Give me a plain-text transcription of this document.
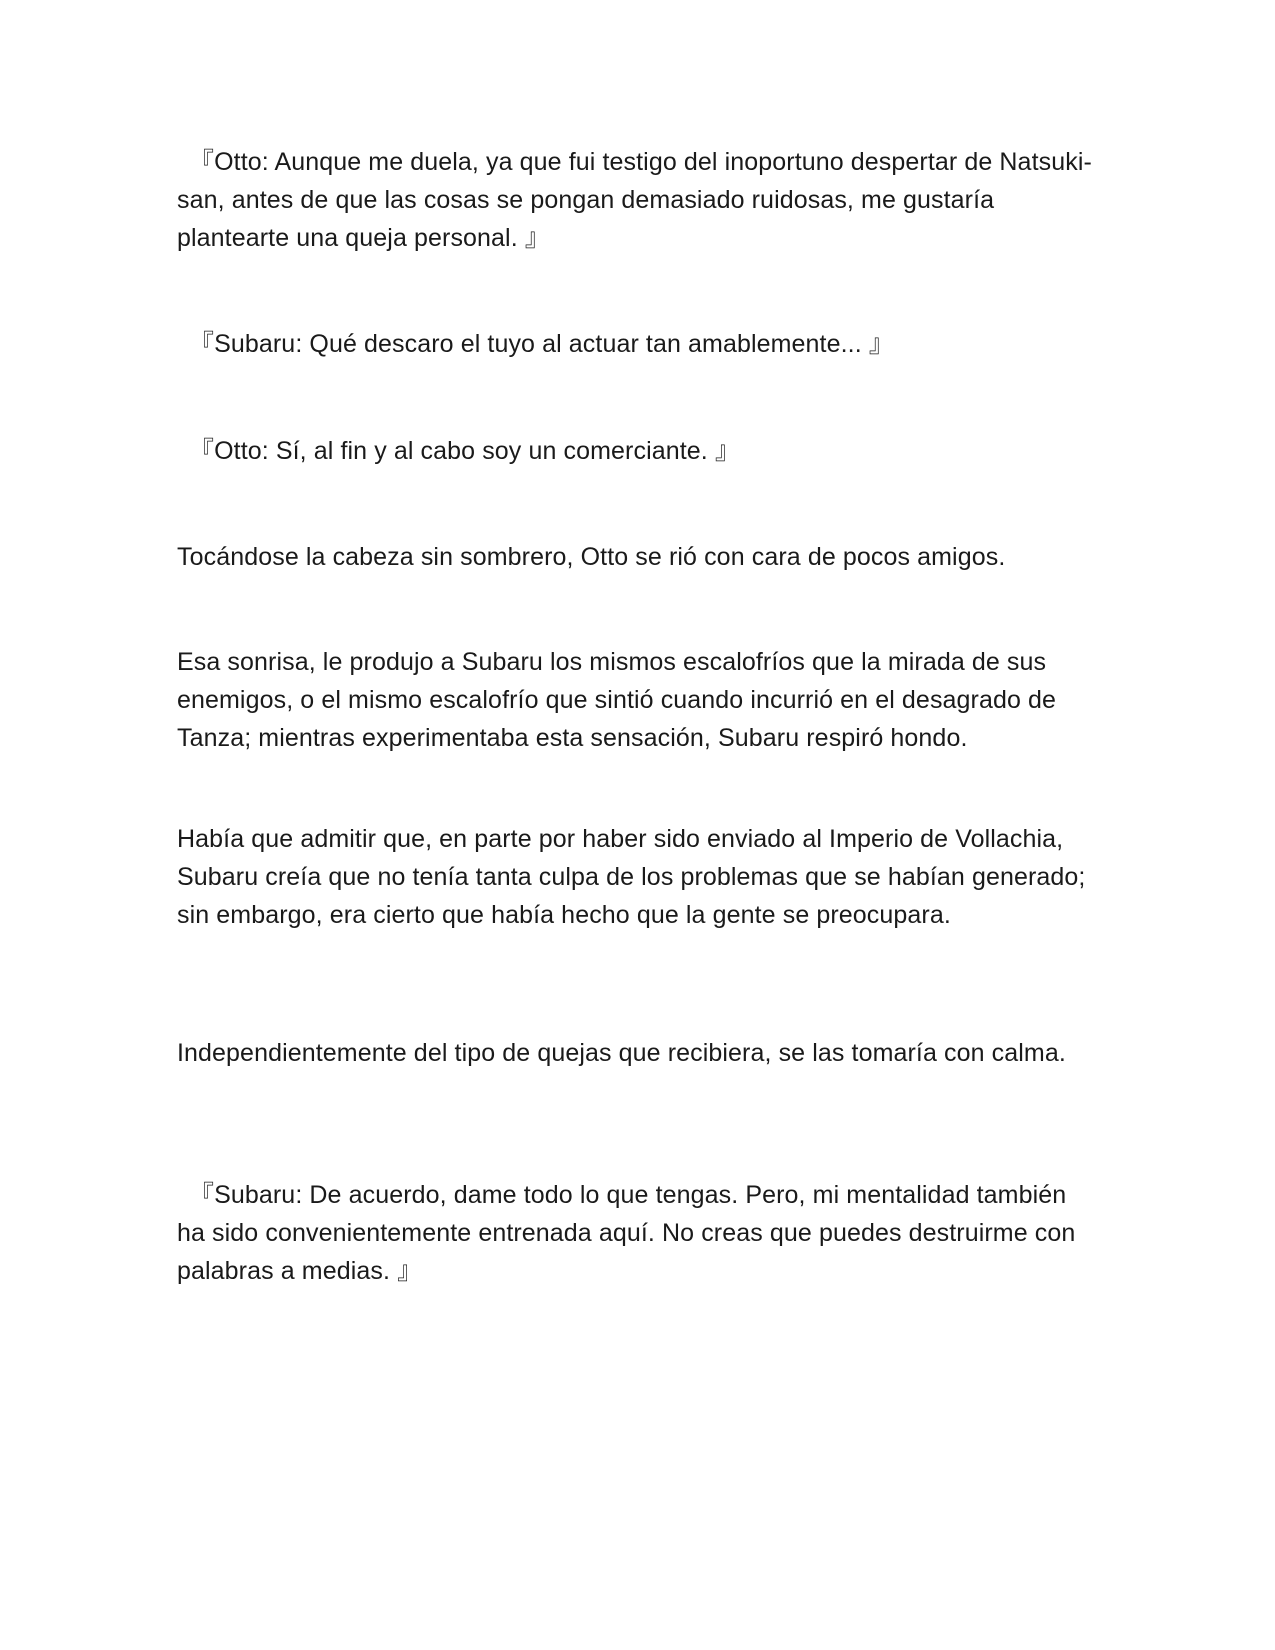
『Otto: Aunque me duela, ya que fui testigo del inoportuno despertar de Natsuki-san, antes de que las cosas se pongan demasiado ruidosas, me gustaría plantearte una queja personal. 』

『Subaru: Qué descaro el tuyo al actuar tan amablemente... 』

『Otto: Sí, al fin y al cabo soy un comerciante. 』

Tocándose la cabeza sin sombrero, Otto se rió con cara de pocos amigos.

Esa sonrisa, le produjo a Subaru los mismos escalofríos que la mirada de sus enemigos, o el mismo escalofrío que sintió cuando incurrió en el desagrado de Tanza; mientras experimentaba esta sensación, Subaru respiró hondo.

Había que admitir que, en parte por haber sido enviado al Imperio de Vollachia, Subaru creía que no tenía tanta culpa de los problemas que se habían generado; sin embargo, era cierto que había hecho que la gente se preocupara.

Independientemente del tipo de quejas que recibiera, se las tomaría con calma.

『Subaru: De acuerdo, dame todo lo que tengas. Pero, mi mentalidad también ha sido convenientemente entrenada aquí. No creas que puedes destruirme con palabras a medias. 』
